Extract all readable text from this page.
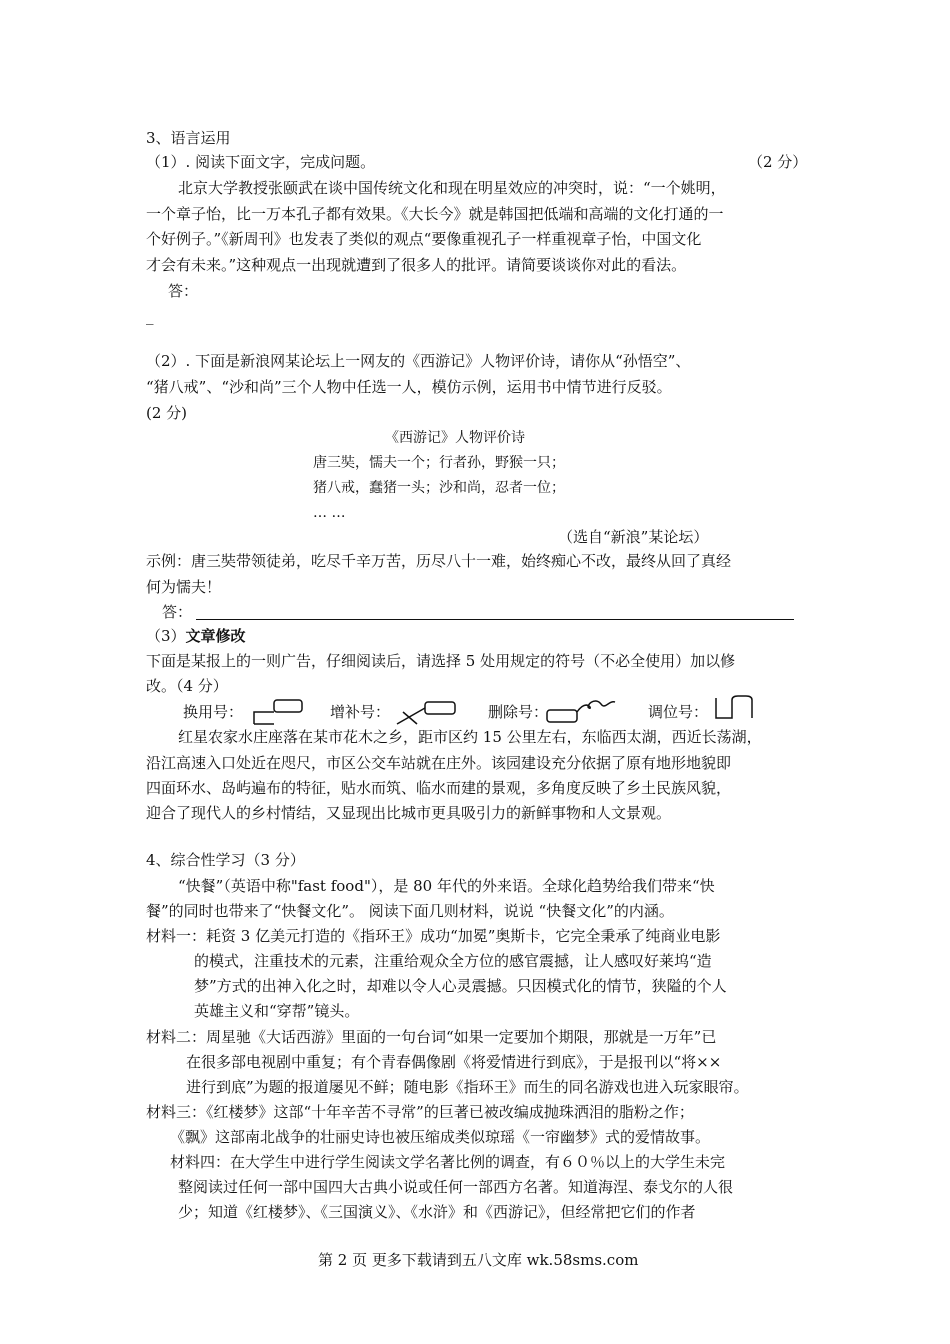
3、语言运用
（1）. 阅读下面文字，完成问题。	（2 分）
北京大学教授张颐武在谈中国传统文化和现在明星效应的冲突时，说：“一个姚明，
一个章子怡，比一万本孔子都有效果。《大长今》就是韩国把低端和高端的文化打通的一
个好例子。”《新周刊》也发表了类似的观点“要像重视孔子一样重视章子怡，中国文化
才会有未来。”这种观点一出现就遭到了很多人的批评。请简要谈谈你对此的看法。
答：
_
（2）. 下面是新浪网某论坛上一网友的《西游记》人物评价诗，请你从“孙悟空”、
“猪八戒”、“沙和尚”三个人物中任选一人，模仿示例，运用书中情节进行反驳。
(2 分)
《西游记》人物评价诗
唐三奘，懦夫一个；行者孙，野猴一只；
猪八戒，蠢猪一头；沙和尚，忍者一位；
… …
（选自“新浪”某论坛）
示例：唐三奘带领徒弟，吃尽千辛万苦，历尽八十一难，始终痴心不改，最终从回了真经
何为懦夫！
答：
（3）文章修改
下面是某报上的一则广告，仔细阅读后，请选择 5 处用规定的符号（不必全使用）加以修
改。（4 分）
换用号：	增补号：	删除号：	调位号：
红星农家水庄座落在某市花木之乡，距市区约 15 公里左右，东临西太湖，西近长荡湖，
沿江高速入口处近在咫尺，市区公交车站就在庄外。该园建设充分依据了原有地形地貌即
四面环水、岛屿遍布的特征，贴水而筑、临水而建的景观，多角度反映了乡土民族风貌，
迎合了现代人的乡村情结，又显现出比城市更具吸引力的新鲜事物和人文景观。
4、综合性学习（3 分）
“快餐”（英语中称"fast food"），是 80 年代的外来语。全球化趋势给我们带来“快
餐”的同时也带来了“快餐文化”。 阅读下面几则材料，说说 “快餐文化”的内涵。
材料一：耗资 3 亿美元打造的《指环王》成功“加冕”奥斯卡，它完全秉承了纯商业电影
的模式，注重技术的元素，注重给观众全方位的感官震撼，让人感叹好莱坞“造
梦”方式的出神入化之时，却难以令人心灵震撼。只因模式化的情节，狭隘的个人
英雄主义和“穿帮”镜头。
材料二：周星驰《大话西游》里面的一句台词“如果一定要加个期限，那就是一万年”已
在很多部电视剧中重复；有个青春偶像剧《将爱情进行到底》，于是报刊以“将××
进行到底”为题的报道屡见不鲜；随电影《指环王》而生的同名游戏也进入玩家眼帘。
材料三：《红楼梦》这部“十年辛苦不寻常”的巨著已被改编成抛珠洒泪的脂粉之作；
《飘》这部南北战争的壮丽史诗也被压缩成类似琼瑶《一帘幽梦》式的爱情故事。
材料四：在大学生中进行学生阅读文学名著比例的调查，有６０％以上的大学生未完
整阅读过任何一部中国四大古典小说或任何一部西方名著。知道海涅、泰戈尔的人很
少；知道《红楼梦》、《三国演义》、《水浒》和《西游记》，但经常把它们的作者
第 2 页 更多下载请到五八文库 wk.58sms.com
